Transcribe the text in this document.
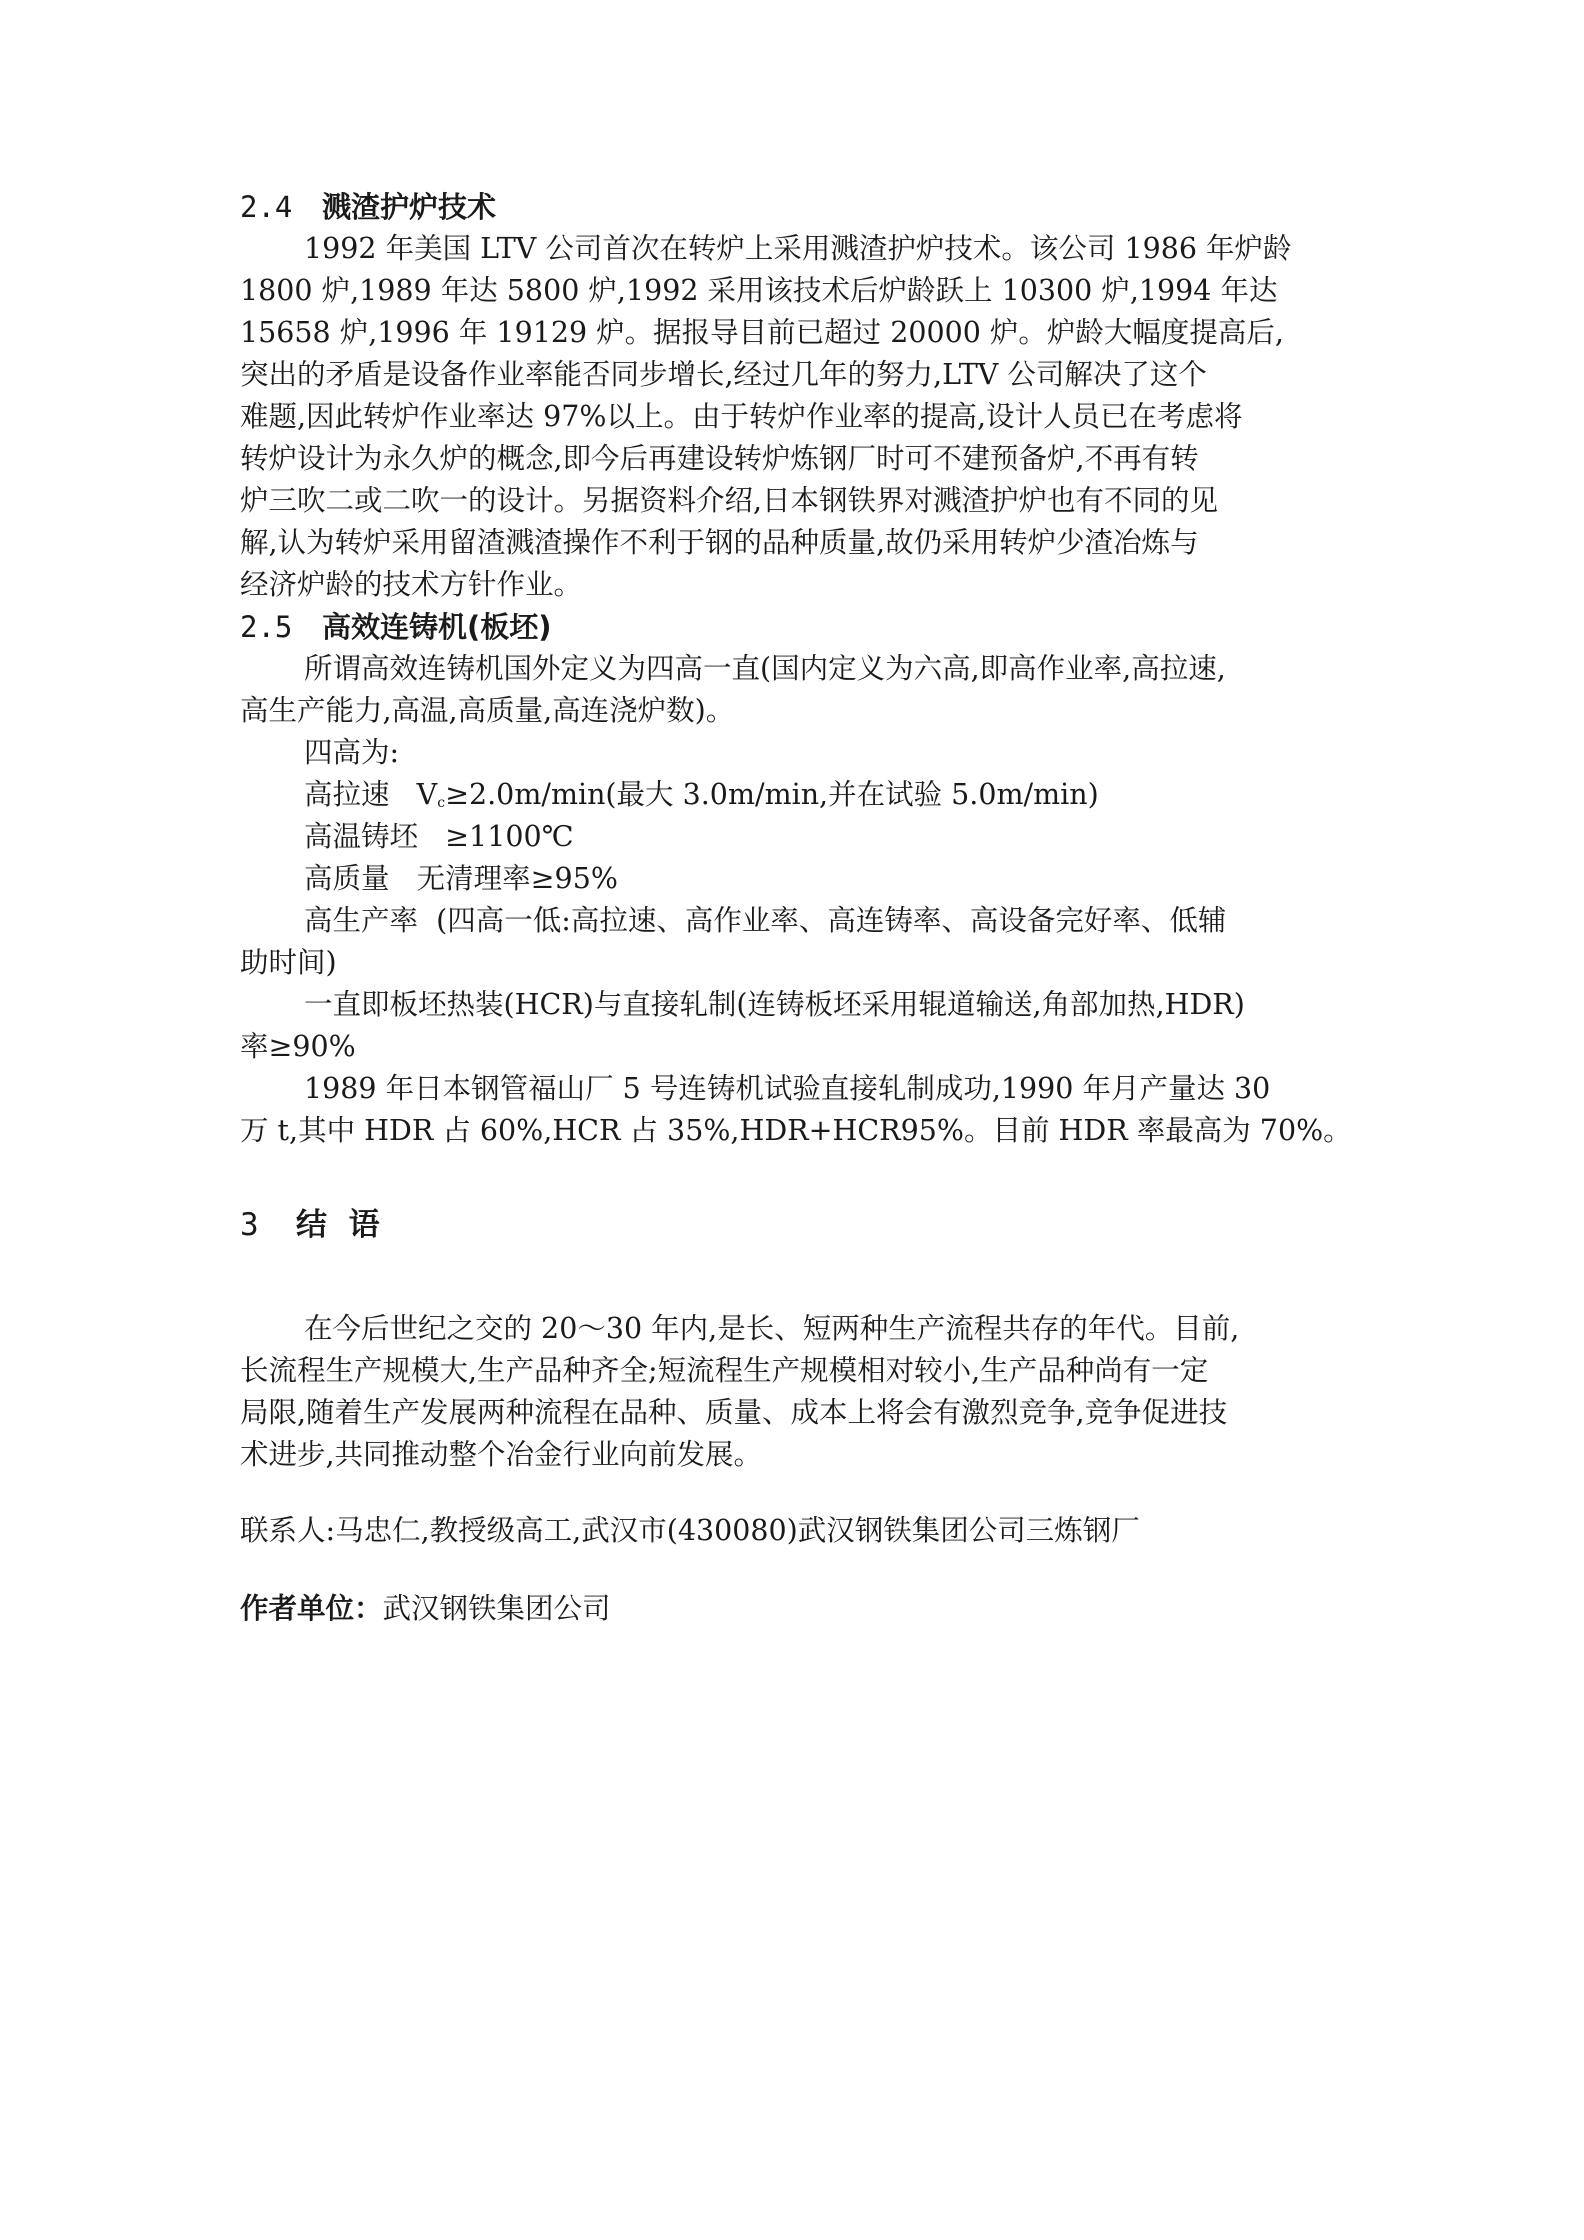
2.4 溅渣护炉技术
1992 年美国 LTV 公司首次在转炉上采用溅渣护炉技术。该公司 1986 年炉龄
1800 炉,1989 年达 5800 炉,1992 采用该技术后炉龄跃上 10300 炉,1994 年达
15658 炉,1996 年 19129 炉。据报导目前已超过 20000 炉。炉龄大幅度提高后,
突出的矛盾是设备作业率能否同步增长,经过几年的努力,LTV 公司解决了这个
难题,因此转炉作业率达 97%以上。由于转炉作业率的提高,设计人员已在考虑将
转炉设计为永久炉的概念,即今后再建设转炉炼钢厂时可不建预备炉,不再有转
炉三吹二或二吹一的设计。另据资料介绍,日本钢铁界对溅渣护炉也有不同的见
解,认为转炉采用留渣溅渣操作不利于钢的品种质量,故仍采用转炉少渣冶炼与
经济炉龄的技术方针作业。
2.5 高效连铸机(板坯)
所谓高效连铸机国外定义为四高一直(国内定义为六高,即高作业率,高拉速,
高生产能力,高温,高质量,高连浇炉数)。
四高为:
高拉速   $V_c\ge 2.0m/\min$(最大 3.0m/min,并在试验 5.0m/min)
高温铸坯   ≥1100℃
高质量   无清理率≥95%
高生产率  (四高一低:高拉速、高作业率、高连铸率、高设备完好率、低辅
助时间)
一直即板坯热装(HCR)与直接轧制(连铸板坯采用辊道输送,角部加热,HDR)
率≥90%
1989 年日本钢管福山厂 5 号连铸机试验直接轧制成功,1990 年月产量达 30
万 t,其中 HDR 占 60%,HCR 占 35%,HDR+HCR95%。目前 HDR 率最高为 70%。
3 结  语
在今后世纪之交的 20～30 年内,是长、短两种生产流程共存的年代。目前,
长流程生产规模大,生产品种齐全;短流程生产规模相对较小,生产品种尚有一定
局限,随着生产发展两种流程在品种、质量、成本上将会有激烈竞争,竞争促进技
术进步,共同推动整个冶金行业向前发展。
联系人:马忠仁,教授级高工,武汉市(430080)武汉钢铁集团公司三炼钢厂
作者单位：武汉钢铁集团公司
